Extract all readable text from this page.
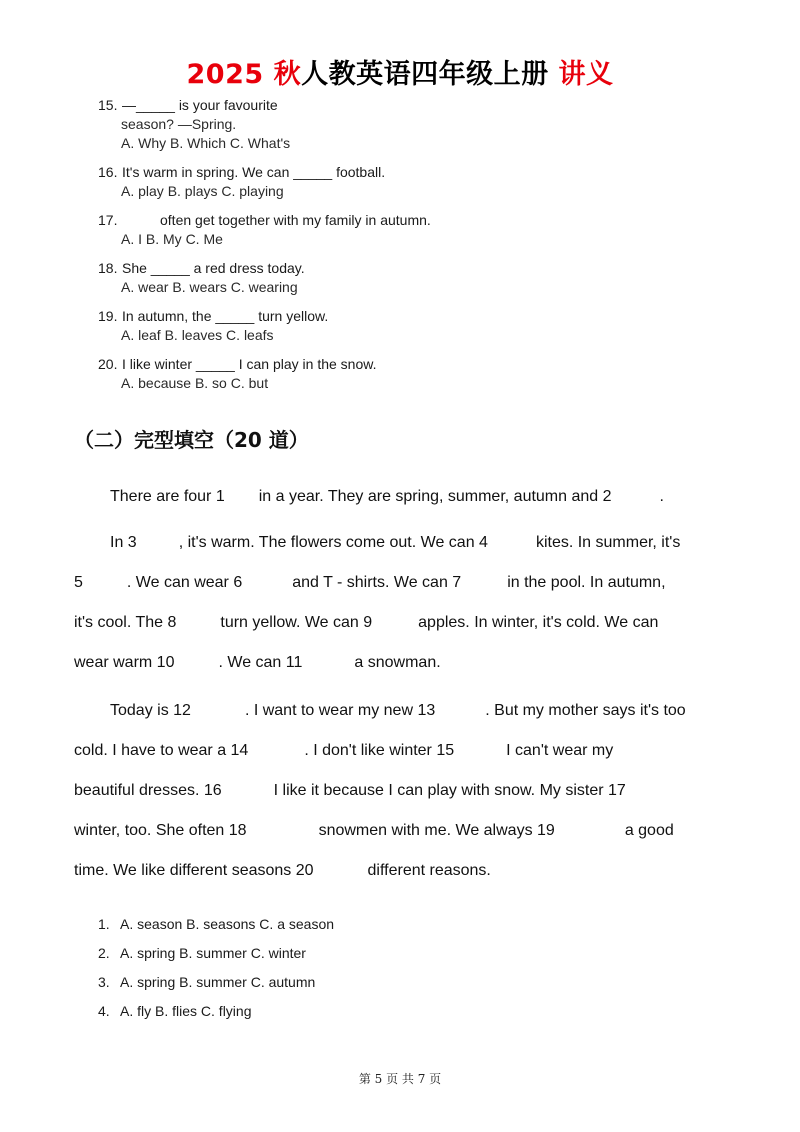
2025 秋人教英语四年级上册 讲义
15. —_____ is your favourite
season? —Spring.
A. Why B. Which C. What's
16. It's warm in spring. We can _____ football.
A. play B. plays C. playing
17.	often get together with my family in autumn.
A. I B. My C. Me
18. She _____ a red dress today.
A. wear B. wears C. wearing
19. In autumn, the _____ turn yellow.
A. leaf B. leaves C. leafs
20. I like winter _____ I can play in the snow.
A. because B. so C. but
（二）完型填空（20 道）
There are four 1 in a year. They are spring, summer, autumn and 2	.
In 3	, it's warm. The flowers come out. We can 4	kites. In summer, it's
5	. We can wear 6	and T - shirts. We can 7	in the pool. In autumn,
it's cool. The 8	turn yellow. We can 9	apples. In winter, it's cold. We can
wear warm 10	. We can 11	a snowman.
Today is 12	. I want to wear my new 13	. But my mother says it's too
cold. I have to wear a 14	. I don't like winter 15	I can't wear my
beautiful dresses. 16	I like it because I can play with snow. My sister 17
winter, too. She often 18	snowmen with me. We always 19	a good
time. We like different seasons 20	different reasons.
1. A. season B. seasons C. a season
2. A. spring B. summer C. winter
3. A. spring B. summer C. autumn
4. A. fly B. flies C. flying
第 5 页 共 7 页
